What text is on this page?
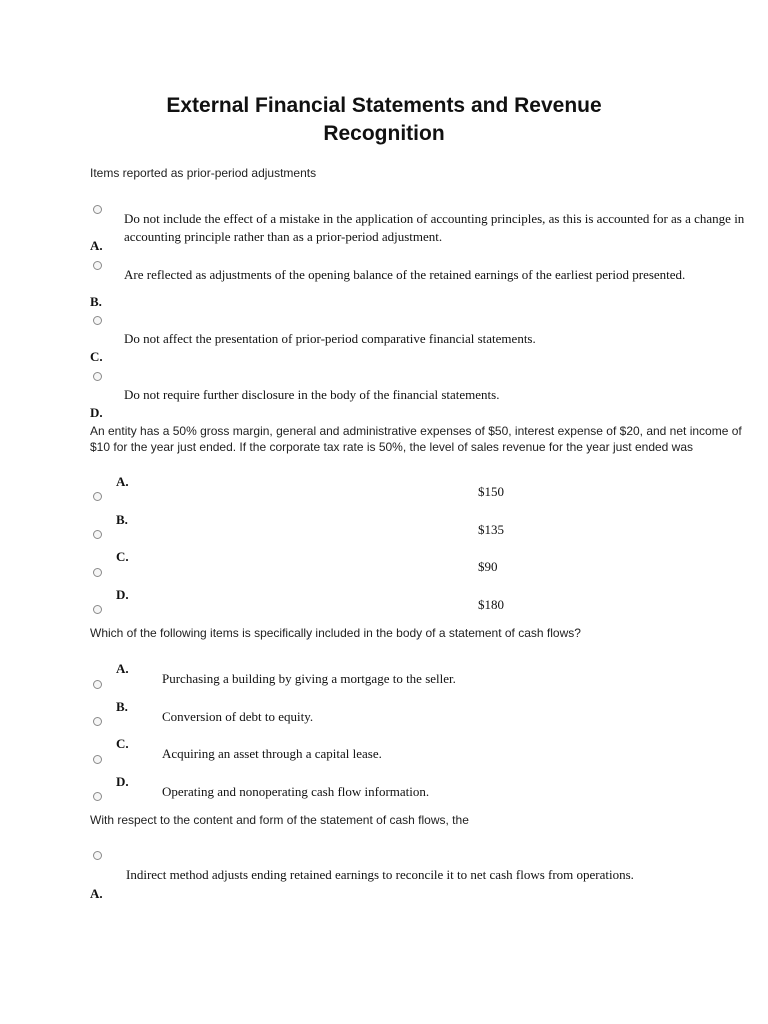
External Financial Statements and Revenue
Recognition
Items reported as prior-period adjustments
Do not include the effect of a mistake in the application of accounting principles, as this is accounted for as a change in accounting principle rather than as a prior-period adjustment.
A.
Are reflected as adjustments of the opening balance of the retained earnings of the earliest period presented.
B.
Do not affect the presentation of prior-period comparative financial statements.
C.
Do not require further disclosure in the body of the financial statements.
D.
An entity has a 50% gross margin, general and administrative expenses of $50, interest expense of $20, and net income of $10 for the year just ended. If the corporate tax rate is 50%, the level of sales revenue for the year just ended was
A.
$150
B.
$135
C.
$90
D.
$180
Which of the following items is specifically included in the body of a statement of cash flows?
A.
Purchasing a building by giving a mortgage to the seller.
B.
Conversion of debt to equity.
C.
Acquiring an asset through a capital lease.
D.
Operating and nonoperating cash flow information.
With respect to the content and form of the statement of cash flows, the
Indirect method adjusts ending retained earnings to reconcile it to net cash flows from operations.
A.
